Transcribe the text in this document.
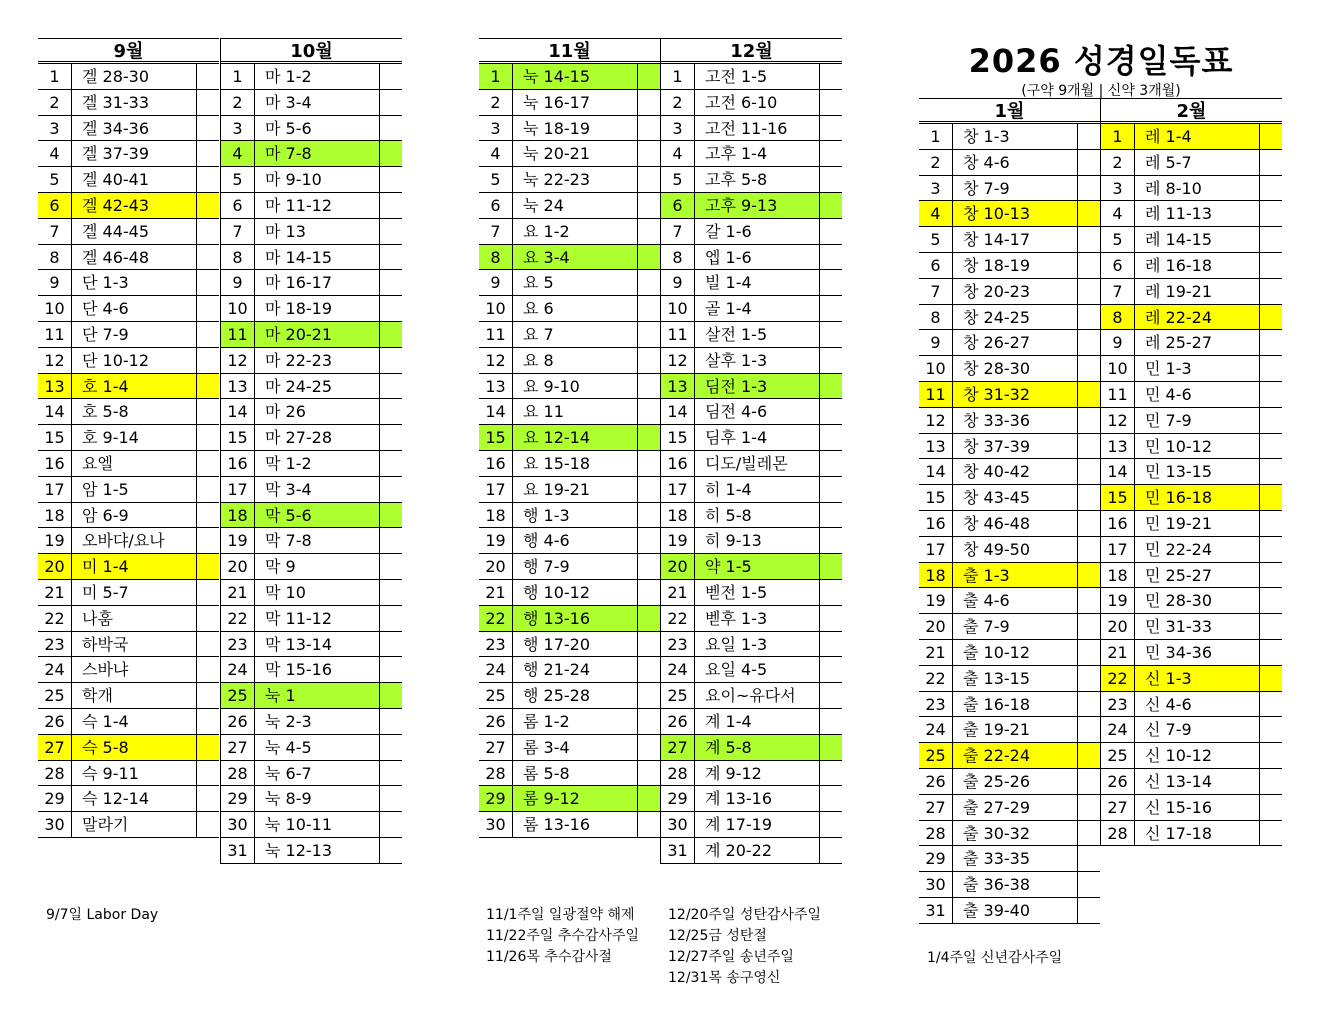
2026 성경일독표
(구약 9개월 | 신약 3개월)
9월
1	겔 28-30
2	겔 31-33
3	겔 34-36
4	겔 37-39
5	겔 40-41
6	겔 42-43
7	겔 44-45
8	겔 46-48
9	단 1-3
10	단 4-6
11	단 7-9
12	단 10-12
13	호 1-4
14	호 5-8
15	호 9-14
16	요엘
17	암 1-5
18	암 6-9
19	오바댜/요나
20	미 1-4
21	미 5-7
22	나훔
23	하박국
24	스바냐
25	학개
26	슥 1-4
27	슥 5-8
28	슥 9-11
29	슥 12-14
30	말라기
10월
1	마 1-2
2	마 3-4
3	마 5-6
4	마 7-8
5	마 9-10
6	마 11-12
7	마 13
8	마 14-15
9	마 16-17
10	마 18-19
11	마 20-21
12	마 22-23
13	마 24-25
14	마 26
15	마 27-28
16	막 1-2
17	막 3-4
18	막 5-6
19	막 7-8
20	막 9
21	막 10
22	막 11-12
23	막 13-14
24	막 15-16
25	눅 1
26	눅 2-3
27	눅 4-5
28	눅 6-7
29	눅 8-9
30	눅 10-11
31	눅 12-13
11월
1	눅 14-15
2	눅 16-17
3	눅 18-19
4	눅 20-21
5	눅 22-23
6	눅 24
7	요 1-2
8	요 3-4
9	요 5
10	요 6
11	요 7
12	요 8
13	요 9-10
14	요 11
15	요 12-14
16	요 15-18
17	요 19-21
18	행 1-3
19	행 4-6
20	행 7-9
21	행 10-12
22	행 13-16
23	행 17-20
24	행 21-24
25	행 25-28
26	롬 1-2
27	롬 3-4
28	롬 5-8
29	롬 9-12
30	롬 13-16
12월
1	고전 1-5
2	고전 6-10
3	고전 11-16
4	고후 1-4
5	고후 5-8
6	고후 9-13
7	갈 1-6
8	엡 1-6
9	빌 1-4
10	골 1-4
11	살전 1-5
12	살후 1-3
13	딤전 1-3
14	딤전 4-6
15	딤후 1-4
16	디도/빌레몬
17	히 1-4
18	히 5-8
19	히 9-13
20	약 1-5
21	벧전 1-5
22	벧후 1-3
23	요일 1-3
24	요일 4-5
25	요이~유다서
26	계 1-4
27	계 5-8
28	계 9-12
29	계 13-16
30	계 17-19
31	계 20-22
1월
1	창 1-3
2	창 4-6
3	창 7-9
4	창 10-13
5	창 14-17
6	창 18-19
7	창 20-23
8	창 24-25
9	창 26-27
10	창 28-30
11	창 31-32
12	창 33-36
13	창 37-39
14	창 40-42
15	창 43-45
16	창 46-48
17	창 49-50
18	출 1-3
19	출 4-6
20	출 7-9
21	출 10-12
22	출 13-15
23	출 16-18
24	출 19-21
25	출 22-24
26	출 25-26
27	출 27-29
28	출 30-32
29	출 33-35
30	출 36-38
31	출 39-40
2월
1	레 1-4
2	레 5-7
3	레 8-10
4	레 11-13
5	레 14-15
6	레 16-18
7	레 19-21
8	레 22-24
9	레 25-27
10	민 1-3
11	민 4-6
12	민 7-9
13	민 10-12
14	민 13-15
15	민 16-18
16	민 19-21
17	민 22-24
18	민 25-27
19	민 28-30
20	민 31-33
21	민 34-36
22	신 1-3
23	신 4-6
24	신 7-9
25	신 10-12
26	신 13-14
27	신 15-16
28	신 17-18
9/7일 Labor Day	11/1주일 일광절약 해제
11/22주일 추수감사주일
11/26목 추수감사절
12/20주일 성탄감사주일
12/25금 성탄절
12/27주일 송년주일
12/31목 송구영신
1/4주일 신년감사주일
